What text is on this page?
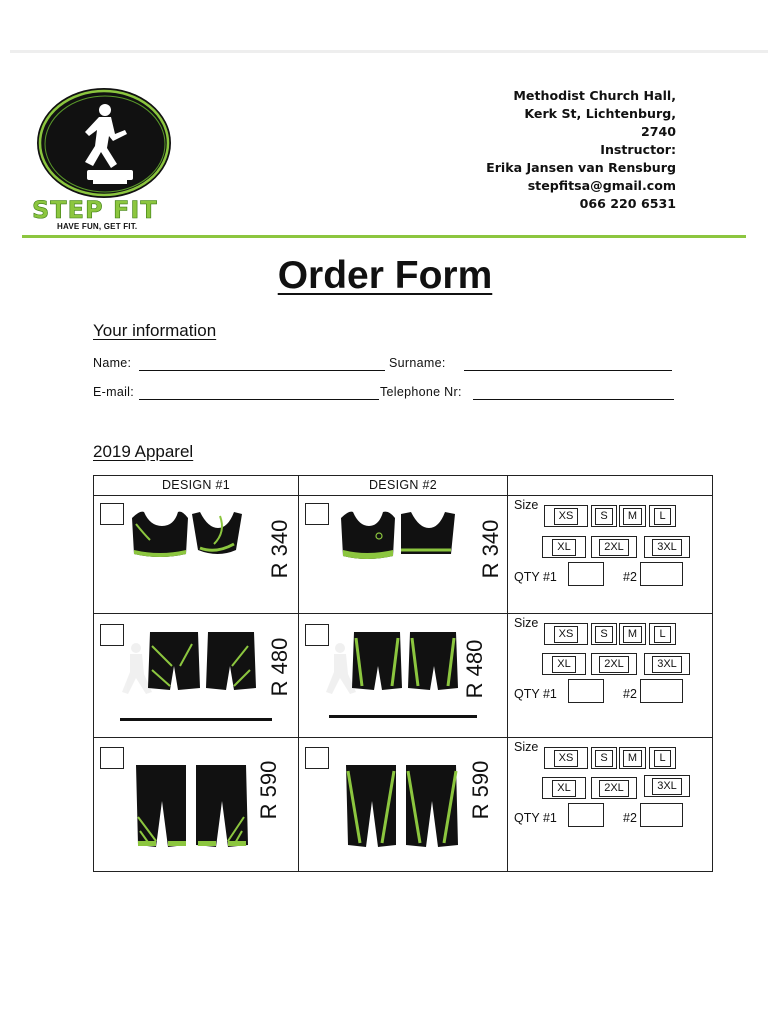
STEP FIT
HAVE FUN, GET FIT.
Methodist Church Hall,
Kerk St, Lichtenburg,
2740
Instructor:
Erika Jansen van Rensburg
stepfitsa@gmail.com
066 220 6531
Order Form
Your information
Name:	Surname:
E-mail:	Telephone Nr:
2019 Apparel
DESIGN #1	DESIGN #2
R 340	R 340
Size
XS	S	M	L
XL	2XL	3XL
QTY #1	#2
R 480	R 480
Size
XS	S	M	L
XL	2XL	3XL
QTY #1	#2
R 590	R 590
Size
XS	S	M	L
XL	2XL	3XL
QTY #1	#2
